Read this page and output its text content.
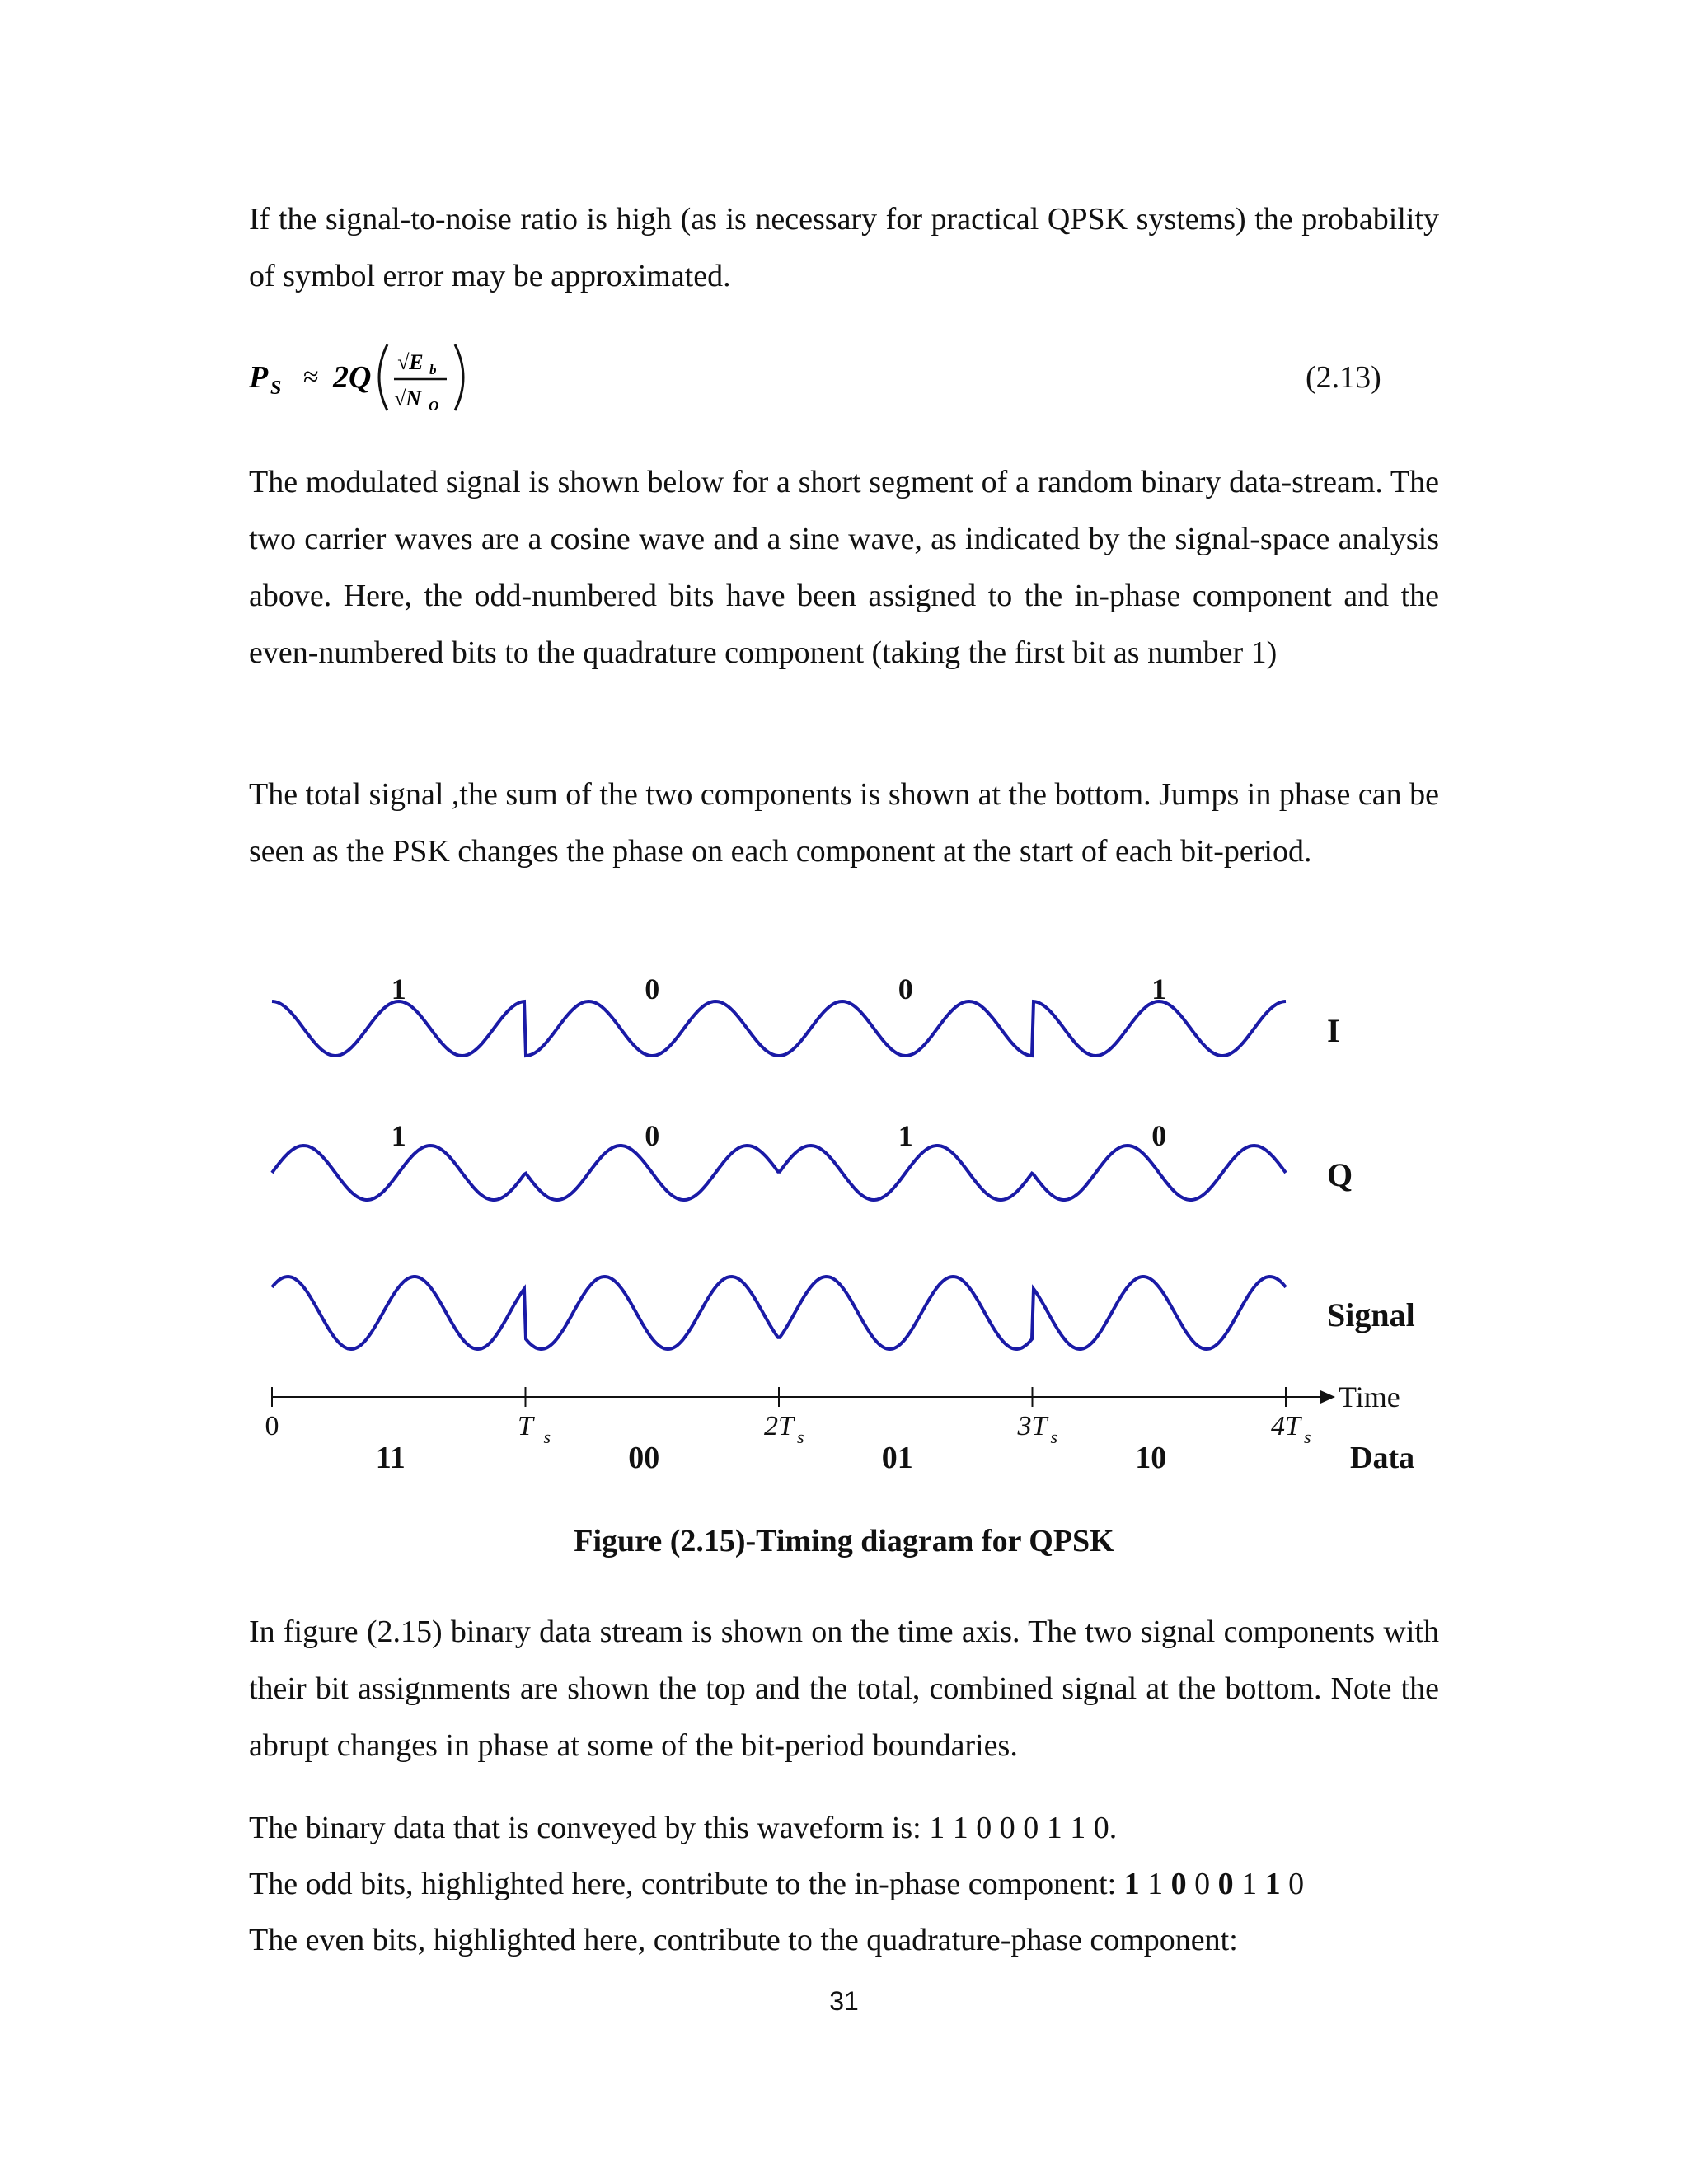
If the signal-to-noise ratio is high (as is necessary for practical QPSK systems) the probability of symbol error may be approximated.

P S ≈ 2Q √E b
√N O
(2.13)

The modulated signal is shown below for a short segment of a random binary data-stream. The two carrier waves are a cosine wave and a sine wave, as indicated by the signal-space analysis above. Here, the odd-numbered bits have been assigned to the in-phase component and the even-numbered bits to the quadrature component (taking the first bit as number 1)

The total signal ,the sum of the two components is shown at the bottom. Jumps in phase can be seen as the PSK changes the phase on each component at the start of each bit-period.

Time
0	T s	2T s	3T s	4T s
11	00	01	10	Data
1	0	0	1
1	0	1	0
I
Q
Signal
Figure (2.15)-Timing diagram for QPSK

In figure (2.15) binary data stream is shown on the time axis. The two signal components with their bit assignments are shown the top and the total, combined signal at the bottom. Note the abrupt changes in phase at some of the bit-period boundaries.

The binary data that is conveyed by this waveform is: 1 1 0 0 0 1 1 0.
The odd bits, highlighted here, contribute to the in-phase component: 1 1 0 0 0 1 1 0
The even bits, highlighted here, contribute to the quadrature-phase component:
31
